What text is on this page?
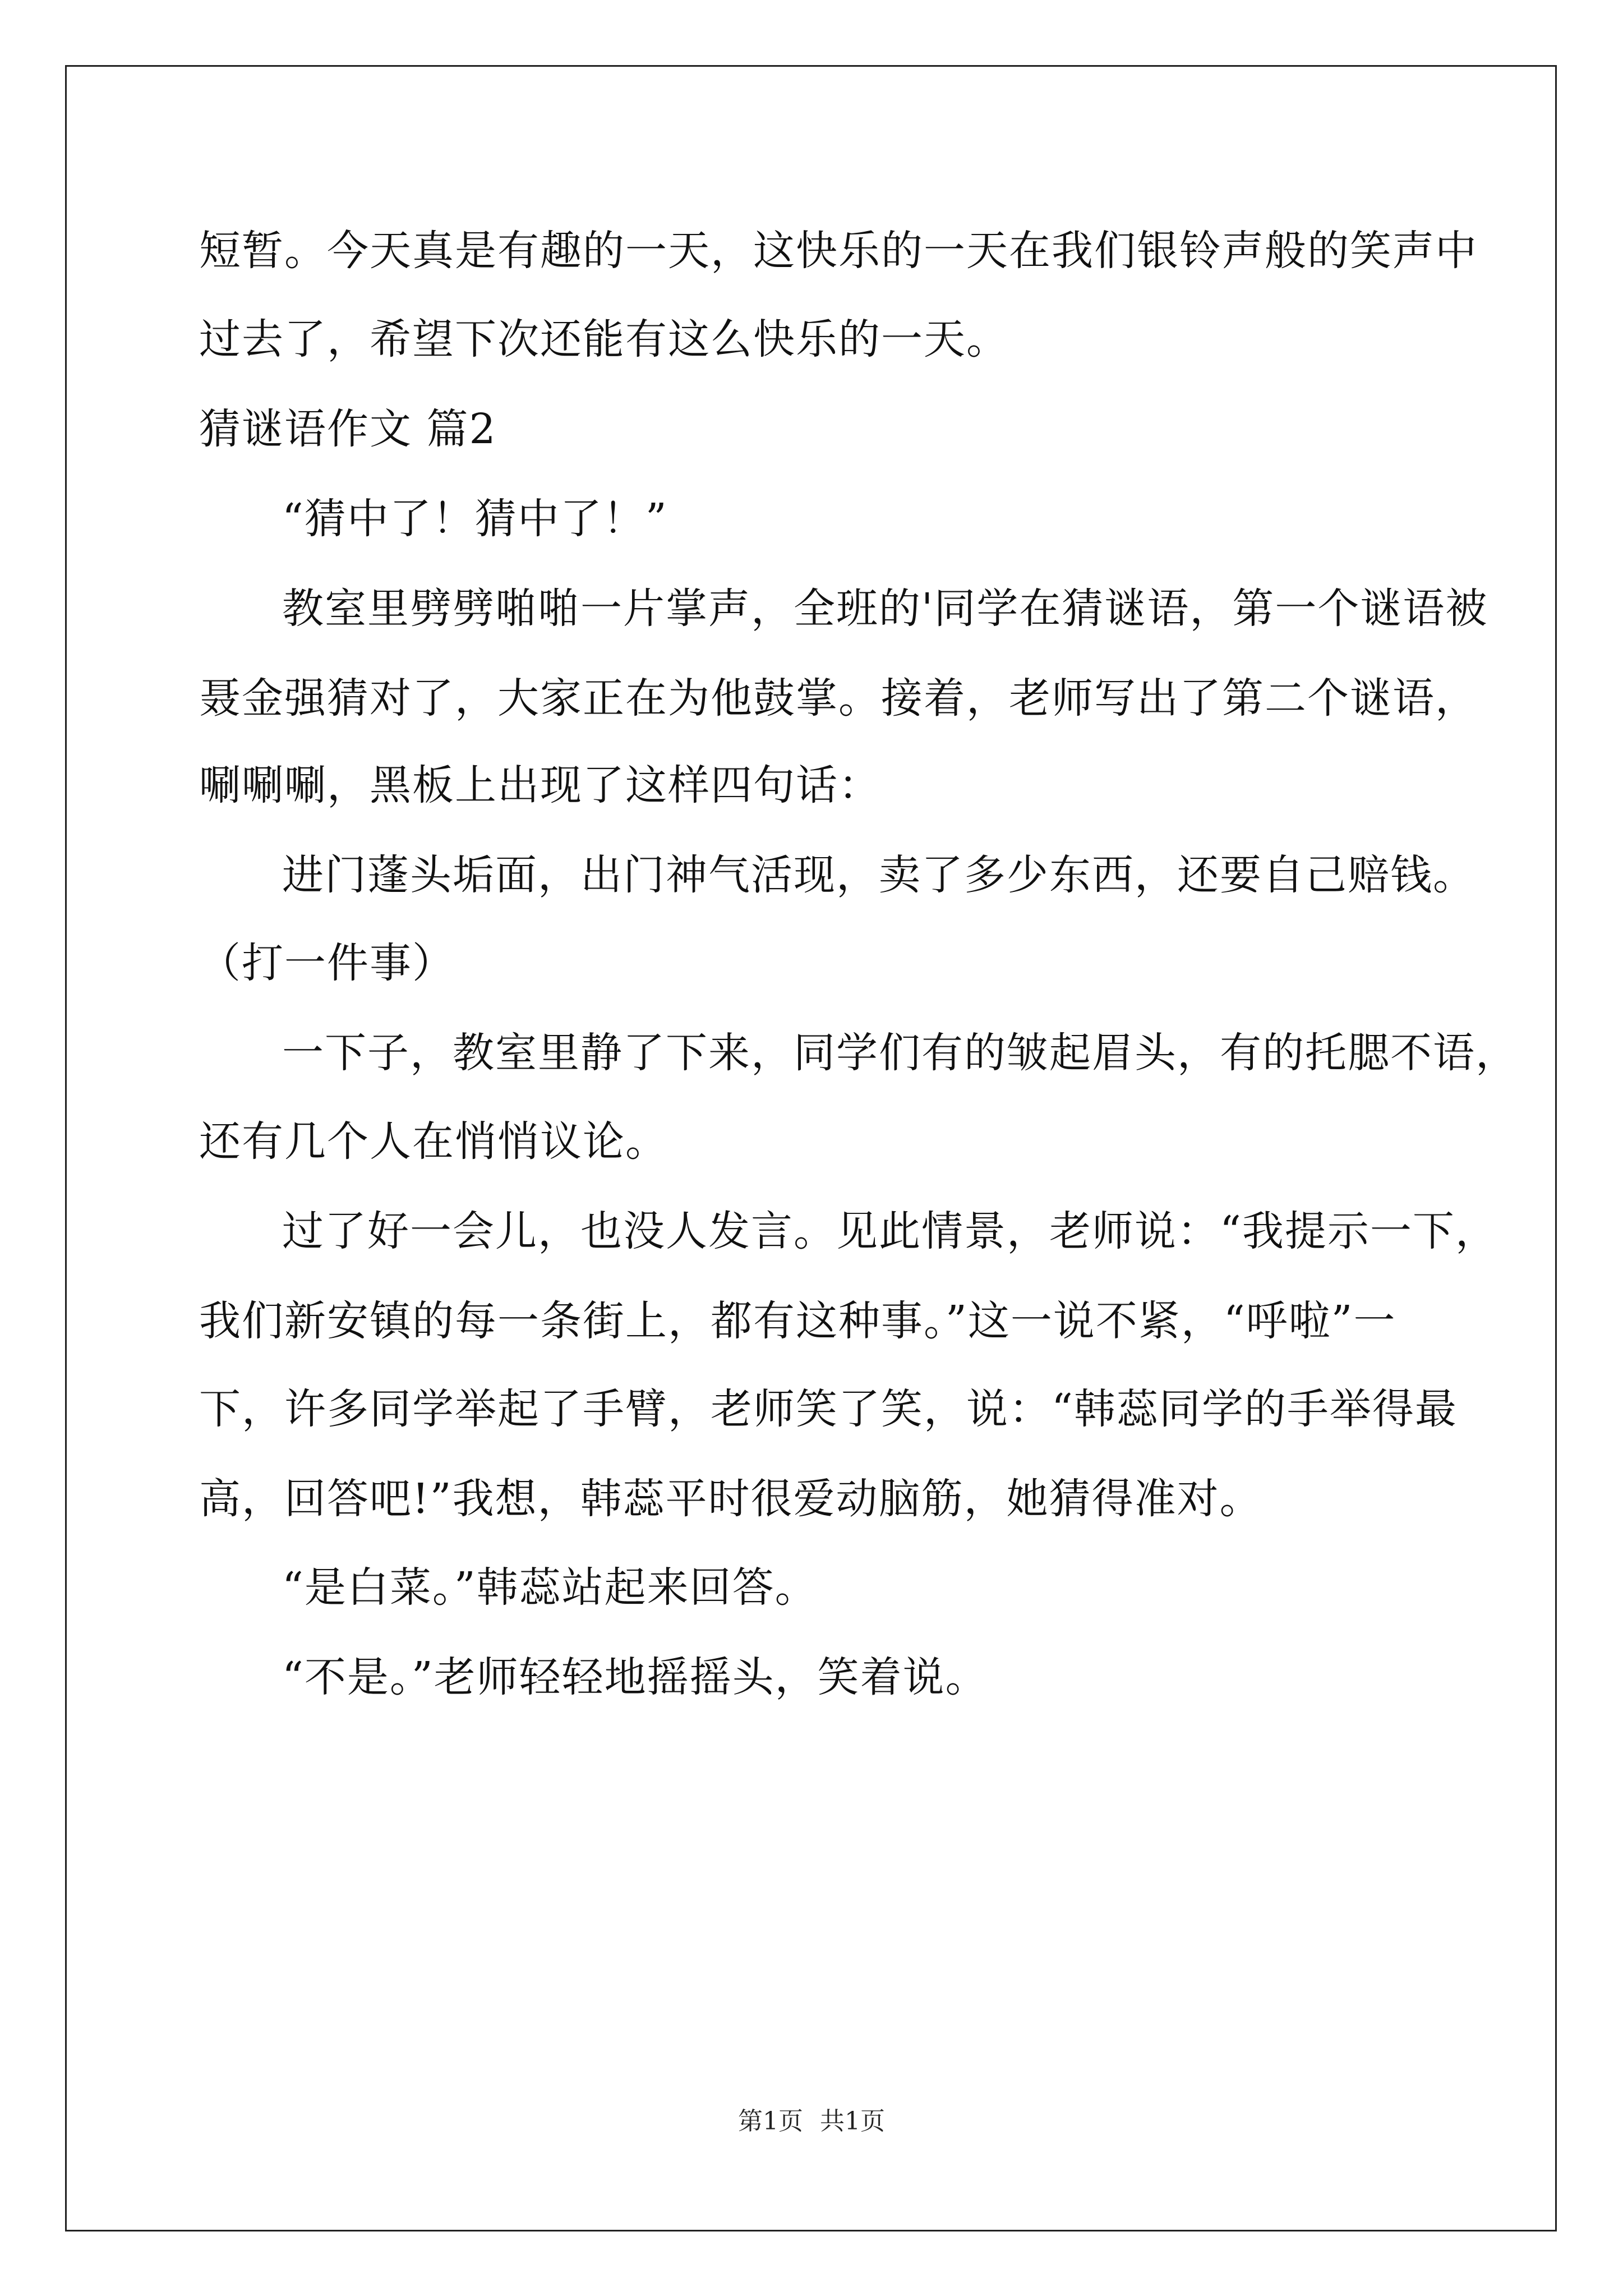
短暂。今天真是有趣的一天，这快乐的一天在我们银铃声般的笑声中
过去了，希望下次还能有这么快乐的一天。
猜谜语作文 篇2
“猜中了！猜中了！”
教室里劈劈啪啪一片掌声，全班的'同学在猜谜语，第一个谜语被
聂金强猜对了，大家正在为他鼓掌。接着，老师写出了第二个谜语，
唰唰唰，黑板上出现了这样四句话：
进门蓬头垢面，出门神气活现，卖了多少东西，还要自己赔钱。
（打一件事）
一下子，教室里静了下来，同学们有的皱起眉头，有的托腮不语，
还有几个人在悄悄议论。
过了好一会儿，也没人发言。见此情景，老师说：“我提示一下，
我们新安镇的每一条街上，都有这种事。”这一说不紧，“呼啦”一
下，许多同学举起了手臂，老师笑了笑，说：“韩蕊同学的手举得最
高，回答吧!”我想，韩蕊平时很爱动脑筋，她猜得准对。
“是白菜。”韩蕊站起来回答。
“不是。”老师轻轻地摇摇头，笑着说。
第1页 共1页
